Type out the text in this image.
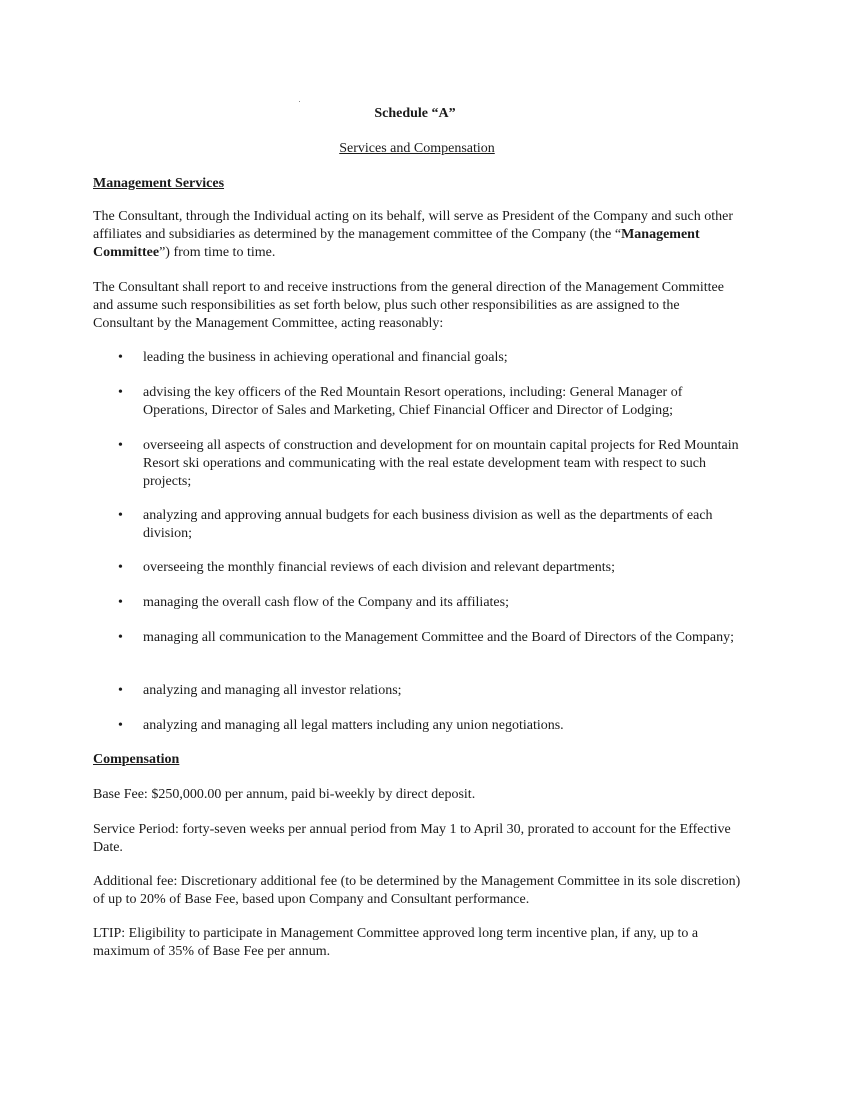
Schedule “A”
Services and Compensation
Management Services

The Consultant, through the Individual acting on its behalf, will serve as President of the Company and such other affiliates and subsidiaries as determined by the management committee of the Company (the “Management Committee”) from time to time.

The Consultant shall report to and receive instructions from the general direction of the Management Committee and assume such responsibilities as set forth below, plus such other responsibilities as are assigned to the Consultant by the Management Committee, acting reasonably:

• leading the business in achieving operational and financial goals;
• advising the key officers of the Red Mountain Resort operations, including: General Manager of Operations, Director of Sales and Marketing, Chief Financial Officer and Director of Lodging;
• overseeing all aspects of construction and development for on mountain capital projects for Red Mountain Resort ski operations and communicating with the real estate development team with respect to such projects;
• analyzing and approving annual budgets for each business division as well as the departments of each division;
• overseeing the monthly financial reviews of each division and relevant departments;
• managing the overall cash flow of the Company and its affiliates;
• managing all communication to the Management Committee and the Board of Directors of the Company;
• analyzing and managing all investor relations;
• analyzing and managing all legal matters including any union negotiations.
Compensation

Base Fee: $250,000.00 per annum, paid bi-weekly by direct deposit.

Service Period: forty-seven weeks per annual period from May 1 to April 30, prorated to account for the Effective Date.

Additional fee: Discretionary additional fee (to be determined by the Management Committee in its sole discretion) of up to 20% of Base Fee, based upon Company and Consultant performance.

LTIP: Eligibility to participate in Management Committee approved long term incentive plan, if any, up to a maximum of 35% of Base Fee per annum.
